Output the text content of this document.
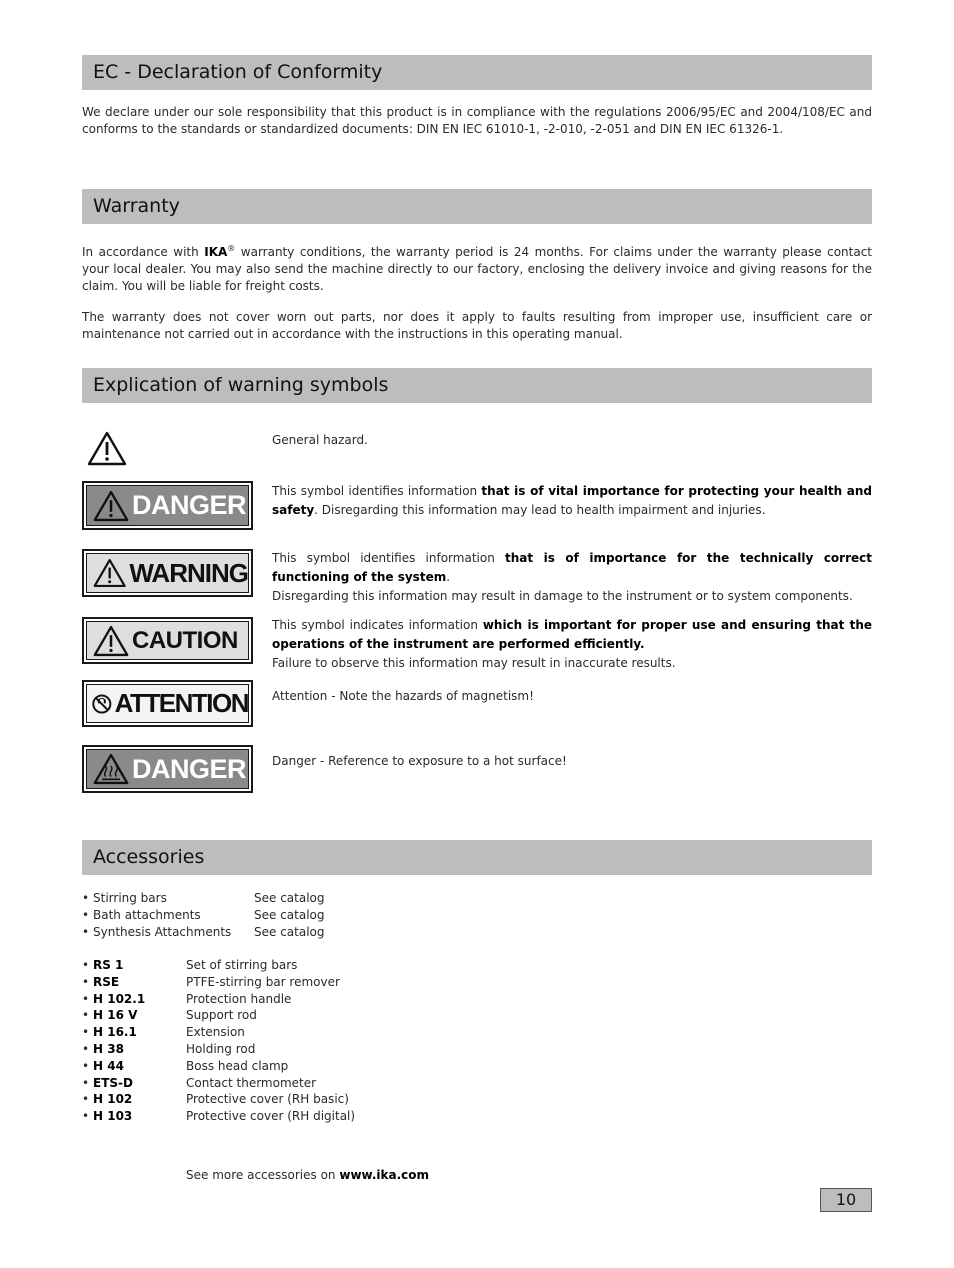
EC - Declaration of Conformity
We declare under our sole responsibility that this product is in compliance with the regulations 2006/95/EC and 2004/108/EC and conforms to the standards or standardized documents: DIN EN IEC 61010-1, -2-010, -2-051 and DIN EN IEC 61326-1.
Warranty
In accordance with IKA® warranty conditions, the warranty period is 24 months. For claims under the warranty please contact your local dealer. You may also send the machine directly to our factory, enclosing the delivery invoice and giving reasons for the claim. You will be liable for freight costs.
The warranty does not cover worn out parts, nor does it apply to faults resulting from improper use, insufficient care or maintenance not carried out in accordance with the instructions in this operating manual.
Explication of warning symbols
General hazard.
DANGER This symbol identifies information that is of vital importance for protecting your health and safety. Disregarding this information may lead to health impairment and injuries.
WARNING This symbol identifies information that is of importance for the technically correct functioning of the system.
Disregarding this information may result in damage to the instrument or to system components.
CAUTION
This symbol indicates information which is important for proper use and ensuring that the operations of the instrument are performed efficiently.
Failure to observe this information may result in inaccurate results.
ATTENTION Attention - Note the hazards of magnetism!
DANGER Danger - Reference to exposure to a hot surface!
Accessories
• Stirring bars	See catalog
• Bath attachments	See catalog
• Synthesis Attachments See catalog
• RS 1	Set of stirring bars
• RSE	PTFE-stirring bar remover
• H 102.1	Protection handle
• H 16 V	Support rod
• H 16.1	Extension
• H 38	Holding rod
• H 44	Boss head clamp
• ETS-D	Contact thermometer
• H 102	Protective cover (RH basic)
• H 103	Protective cover (RH digital)
See more accessories on www.ika.com
10
